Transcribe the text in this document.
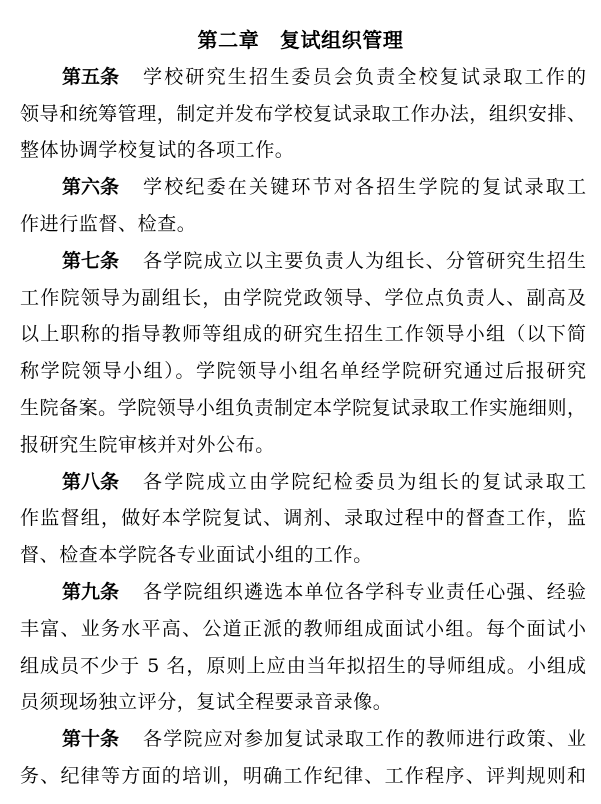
第二章　复试组织管理
第五条 学校研究生招生委员会负责全校复试录取工作的
领导和统筹管理，制定并发布学校复试录取工作办法，组织安排、
整体协调学校复试的各项工作。
第六条 学校纪委在关键环节对各招生学院的复试录取工
作进行监督、检查。
第七条 各学院成立以主要负责人为组长、分管研究生招生
工作院领导为副组长，由学院党政领导、学位点负责人、副高及
以上职称的指导教师等组成的研究生招生工作领导小组（以下简
称学院领导小组）。学院领导小组名单经学院研究通过后报研究
生院备案。学院领导小组负责制定本学院复试录取工作实施细则，
报研究生院审核并对外公布。
第八条 各学院成立由学院纪检委员为组长的复试录取工
作监督组，做好本学院复试、调剂、录取过程中的督查工作，监
督、检查本学院各专业面试小组的工作。
第九条 各学院组织遴选本单位各学科专业责任心强、经验
丰富、业务水平高、公道正派的教师组成面试小组。每个面试小
组成员不少于 5 名，原则上应由当年拟招生的导师组成。小组成
员须现场独立评分，复试全程要录音录像。
第十条 各学院应对参加复试录取工作的教师进行政策、业
务、纪律等方面的培训，明确工作纪律、工作程序、评判规则和
